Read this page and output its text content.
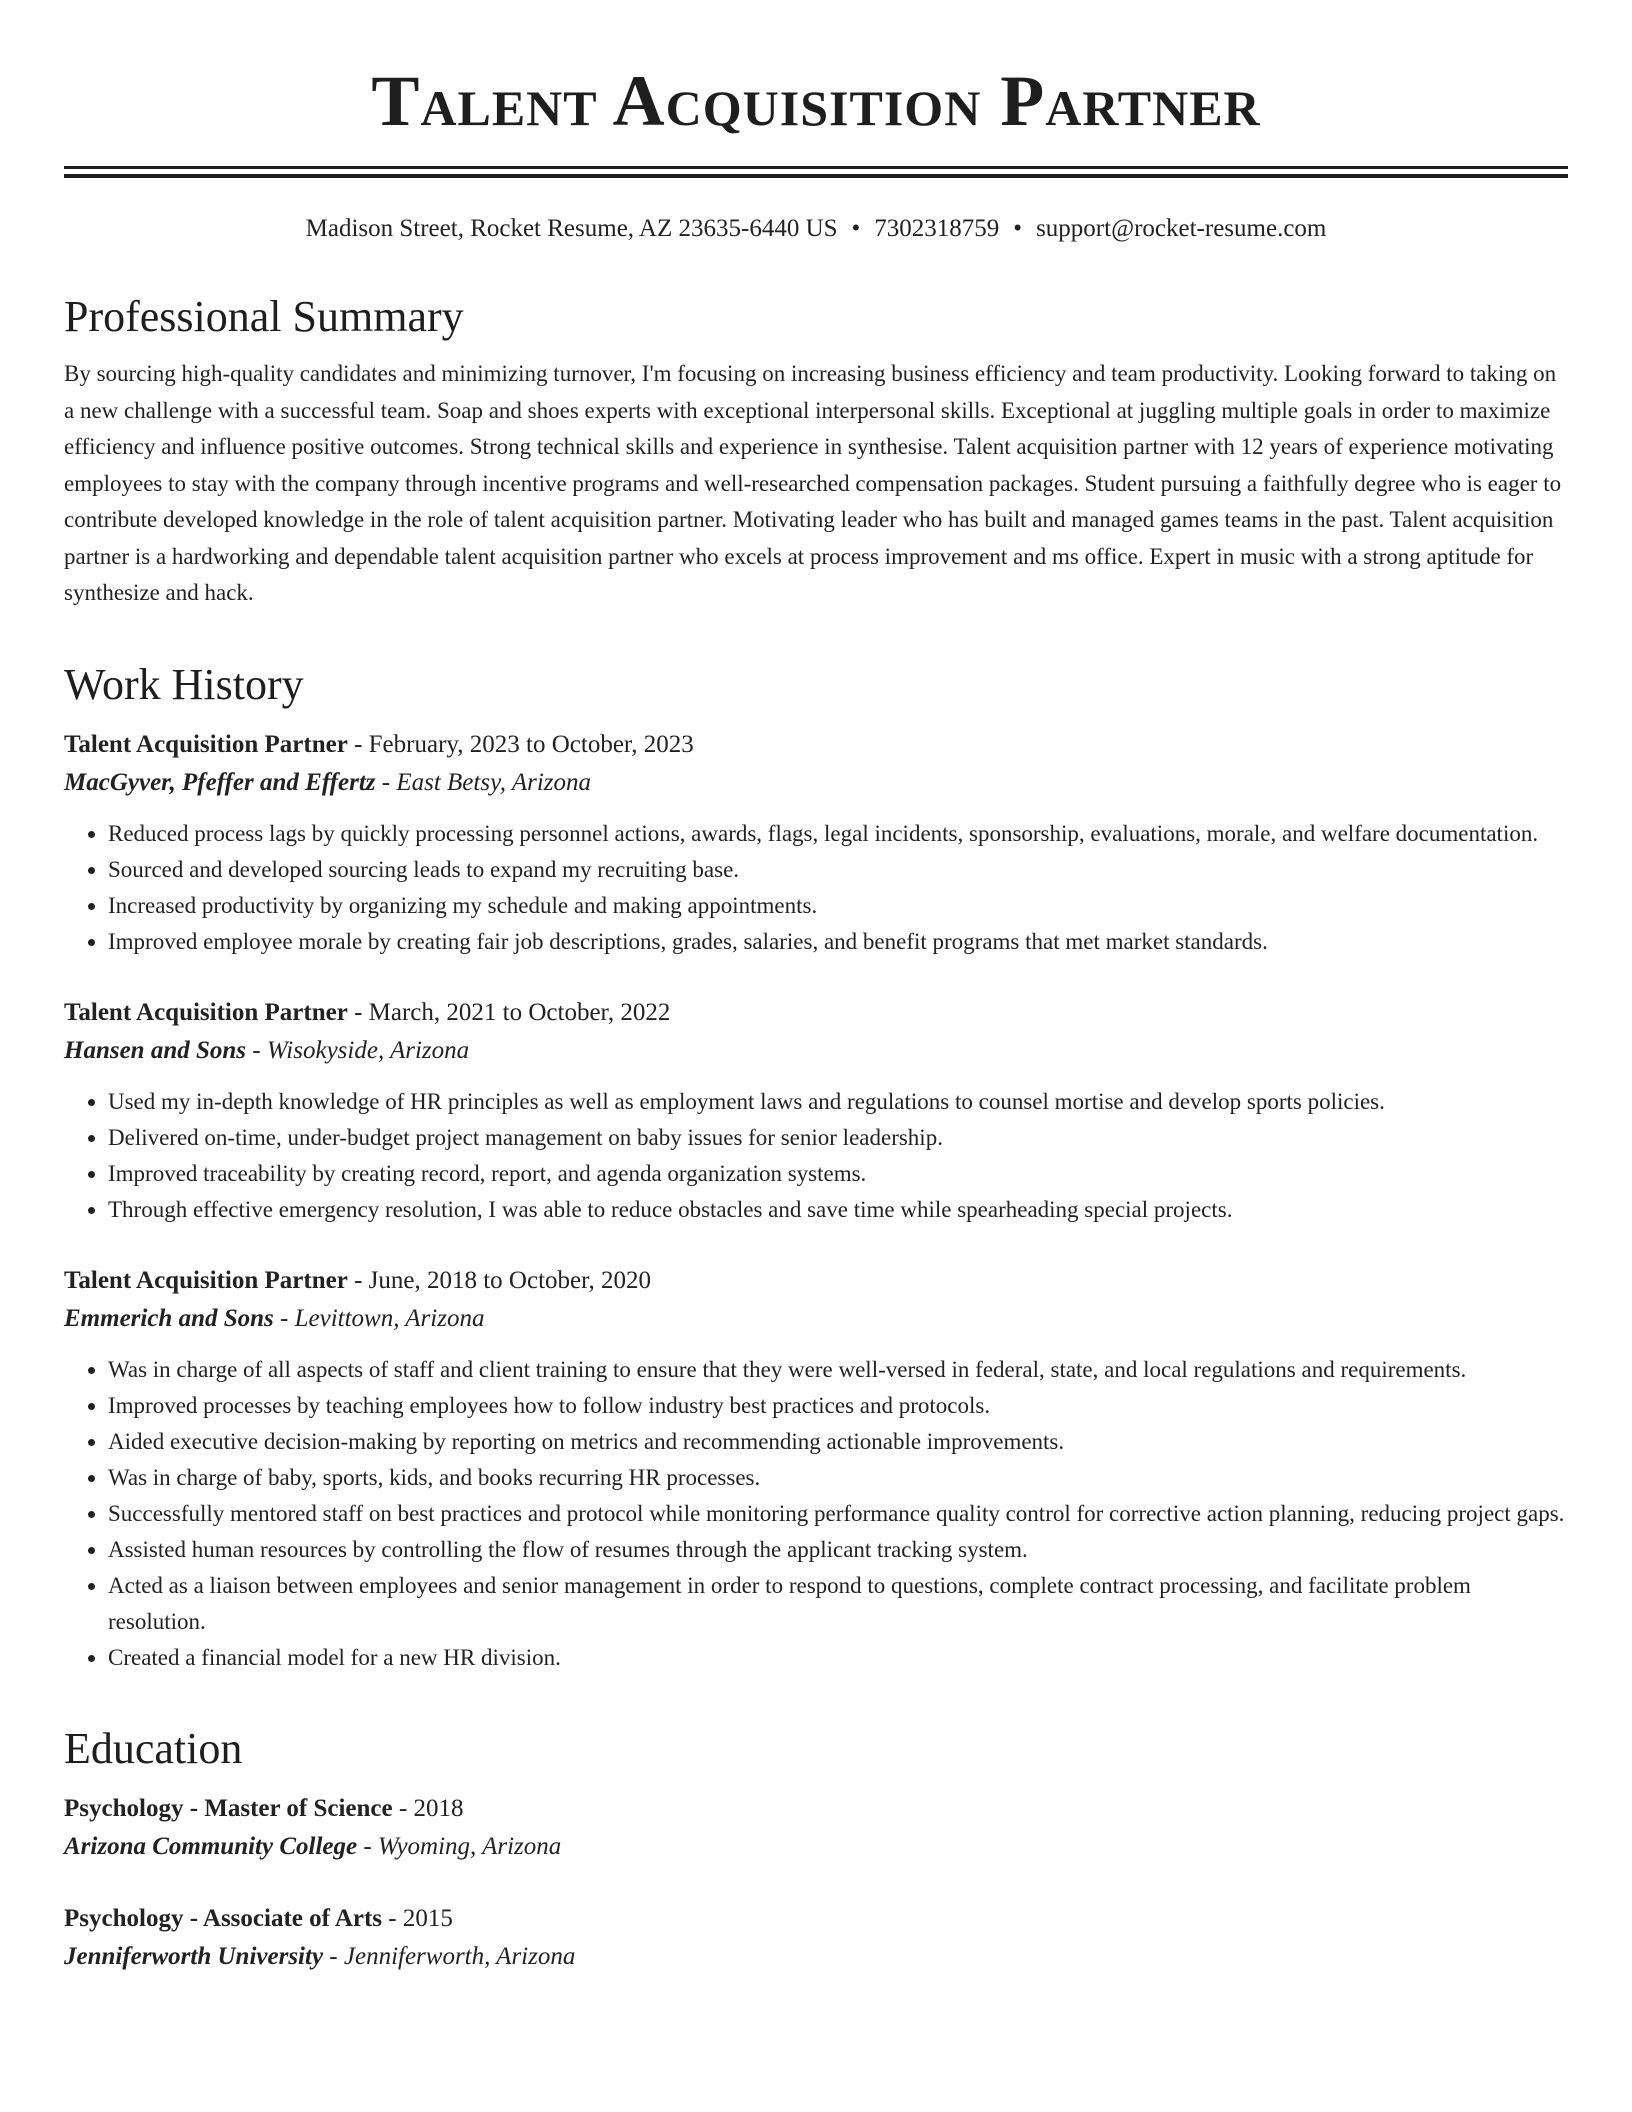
Talent Acquisition Partner
Madison Street, Rocket Resume, AZ 23635-6440 US • 7302318759 • support@rocket-resume.com
Professional Summary

By sourcing high-quality candidates and minimizing turnover, I'm focusing on increasing business efficiency and team productivity. Looking forward to taking on a new challenge with a successful team. Soap and shoes experts with exceptional interpersonal skills. Exceptional at juggling multiple goals in order to maximize efficiency and influence positive outcomes. Strong technical skills and experience in synthesise. Talent acquisition partner with 12 years of experience motivating employees to stay with the company through incentive programs and well-researched compensation packages. Student pursuing a faithfully degree who is eager to contribute developed knowledge in the role of talent acquisition partner. Motivating leader who has built and managed games teams in the past. Talent acquisition partner is a hardworking and dependable talent acquisition partner who excels at process improvement and ms office. Expert in music with a strong aptitude for synthesize and hack.

Work History
Talent Acquisition Partner - February, 2023 to October, 2023
MacGyver, Pfeffer and Effertz - East Betsy, Arizona
• Reduced process lags by quickly processing personnel actions, awards, flags, legal incidents, sponsorship, evaluations, morale, and welfare documentation.
• Sourced and developed sourcing leads to expand my recruiting base.
• Increased productivity by organizing my schedule and making appointments.
• Improved employee morale by creating fair job descriptions, grades, salaries, and benefit programs that met market standards.
Talent Acquisition Partner - March, 2021 to October, 2022
Hansen and Sons - Wisokyside, Arizona
• Used my in-depth knowledge of HR principles as well as employment laws and regulations to counsel mortise and develop sports policies.
• Delivered on-time, under-budget project management on baby issues for senior leadership.
• Improved traceability by creating record, report, and agenda organization systems.
• Through effective emergency resolution, I was able to reduce obstacles and save time while spearheading special projects.
Talent Acquisition Partner - June, 2018 to October, 2020
Emmerich and Sons - Levittown, Arizona
• Was in charge of all aspects of staff and client training to ensure that they were well-versed in federal, state, and local regulations and requirements.
• Improved processes by teaching employees how to follow industry best practices and protocols.
• Aided executive decision-making by reporting on metrics and recommending actionable improvements.
• Was in charge of baby, sports, kids, and books recurring HR processes.
• Successfully mentored staff on best practices and protocol while monitoring performance quality control for corrective action planning, reducing project gaps.
• Assisted human resources by controlling the flow of resumes through the applicant tracking system.
• Acted as a liaison between employees and senior management in order to respond to questions, complete contract processing, and facilitate problem resolution.
• Created a financial model for a new HR division.
Education
Psychology - Master of Science - 2018
Arizona Community College - Wyoming, Arizona
Psychology - Associate of Arts - 2015
Jenniferworth University - Jenniferworth, Arizona
